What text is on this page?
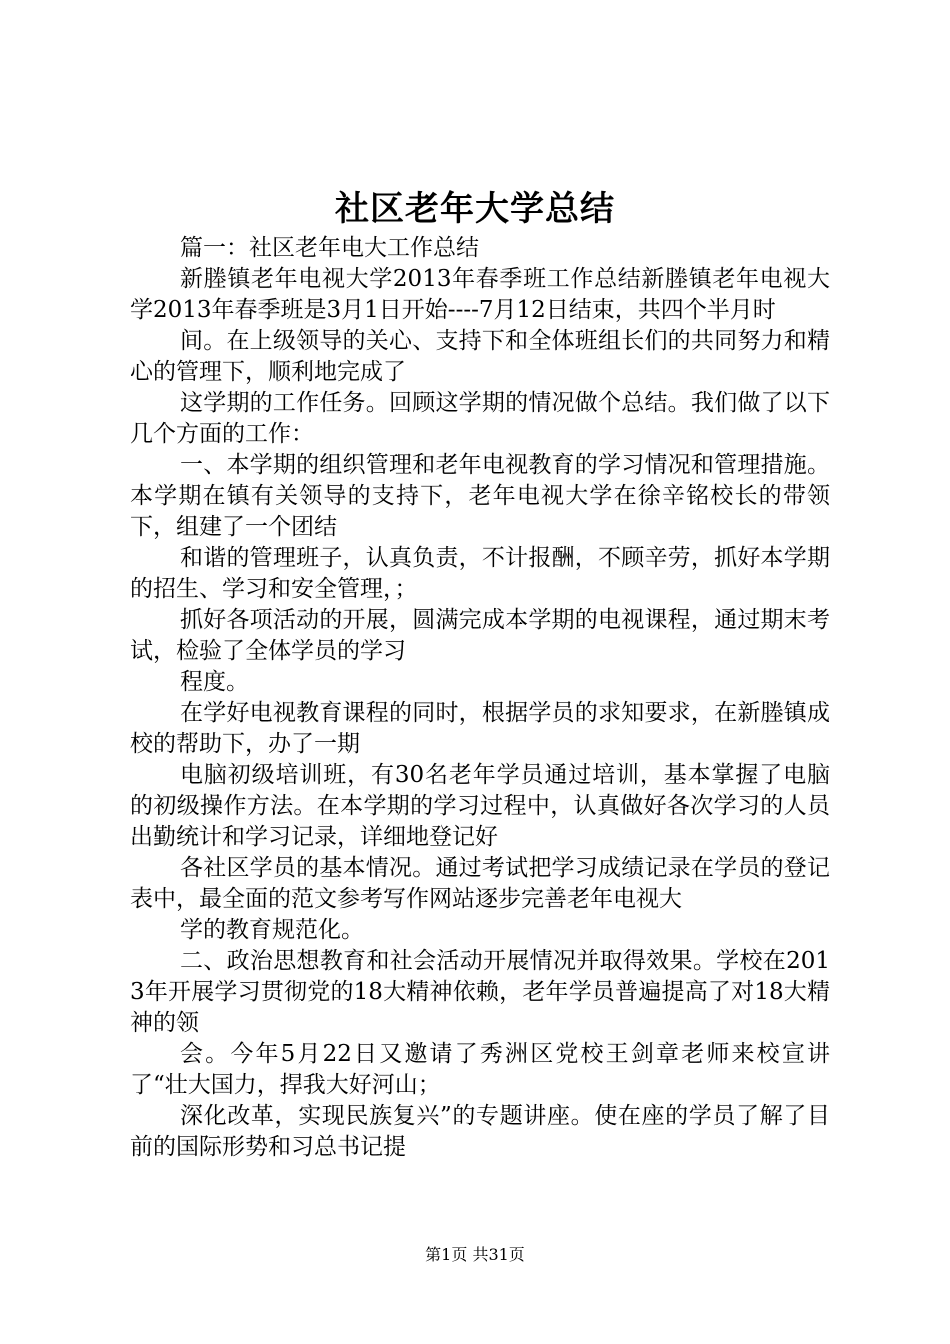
社区老年大学总结

篇一：社区老年电大工作总结

新塍镇老年电视大学2013年春季班工作总结新塍镇老年电视大学2013年春季班是3月1日开始----7月12日结束，共四个半月时

间。在上级领导的关心、支持下和全体班组长们的共同努力和精心的管理下，顺利地完成了

这学期的工作任务。回顾这学期的情况做个总结。我们做了以下几个方面的工作：

一、本学期的组织管理和老年电视教育的学习情况和管理措施。本学期在镇有关领导的支持下，老年电视大学在徐辛铭校长的带领下，组建了一个团结

和谐的管理班子，认真负责，不计报酬，不顾辛劳，抓好本学期的招生、学习和安全管理，；

抓好各项活动的开展，圆满完成本学期的电视课程，通过期末考试，检验了全体学员的学习

程度。

在学好电视教育课程的同时，根据学员的求知要求，在新塍镇成校的帮助下，办了一期

电脑初级培训班，有30名老年学员通过培训，基本掌握了电脑的初级操作方法。在本学期的学习过程中，认真做好各次学习的人员出勤统计和学习记录，详细地登记好

各社区学员的基本情况。通过考试把学习成绩记录在学员的登记表中，最全面的范文参考写作网站逐步完善老年电视大

学的教育规范化。

二、政治思想教育和社会活动开展情况并取得效果。学校在2013年开展学习贯彻党的18大精神依赖，老年学员普遍提高了对18大精神的领

会。今年5月22日又邀请了秀洲区党校王剑章老师来校宣讲了“壮大国力，捍我大好河山；

深化改革，实现民族复兴”的专题讲座。使在座的学员了解了目前的国际形势和习总书记提

第1页 共31页
